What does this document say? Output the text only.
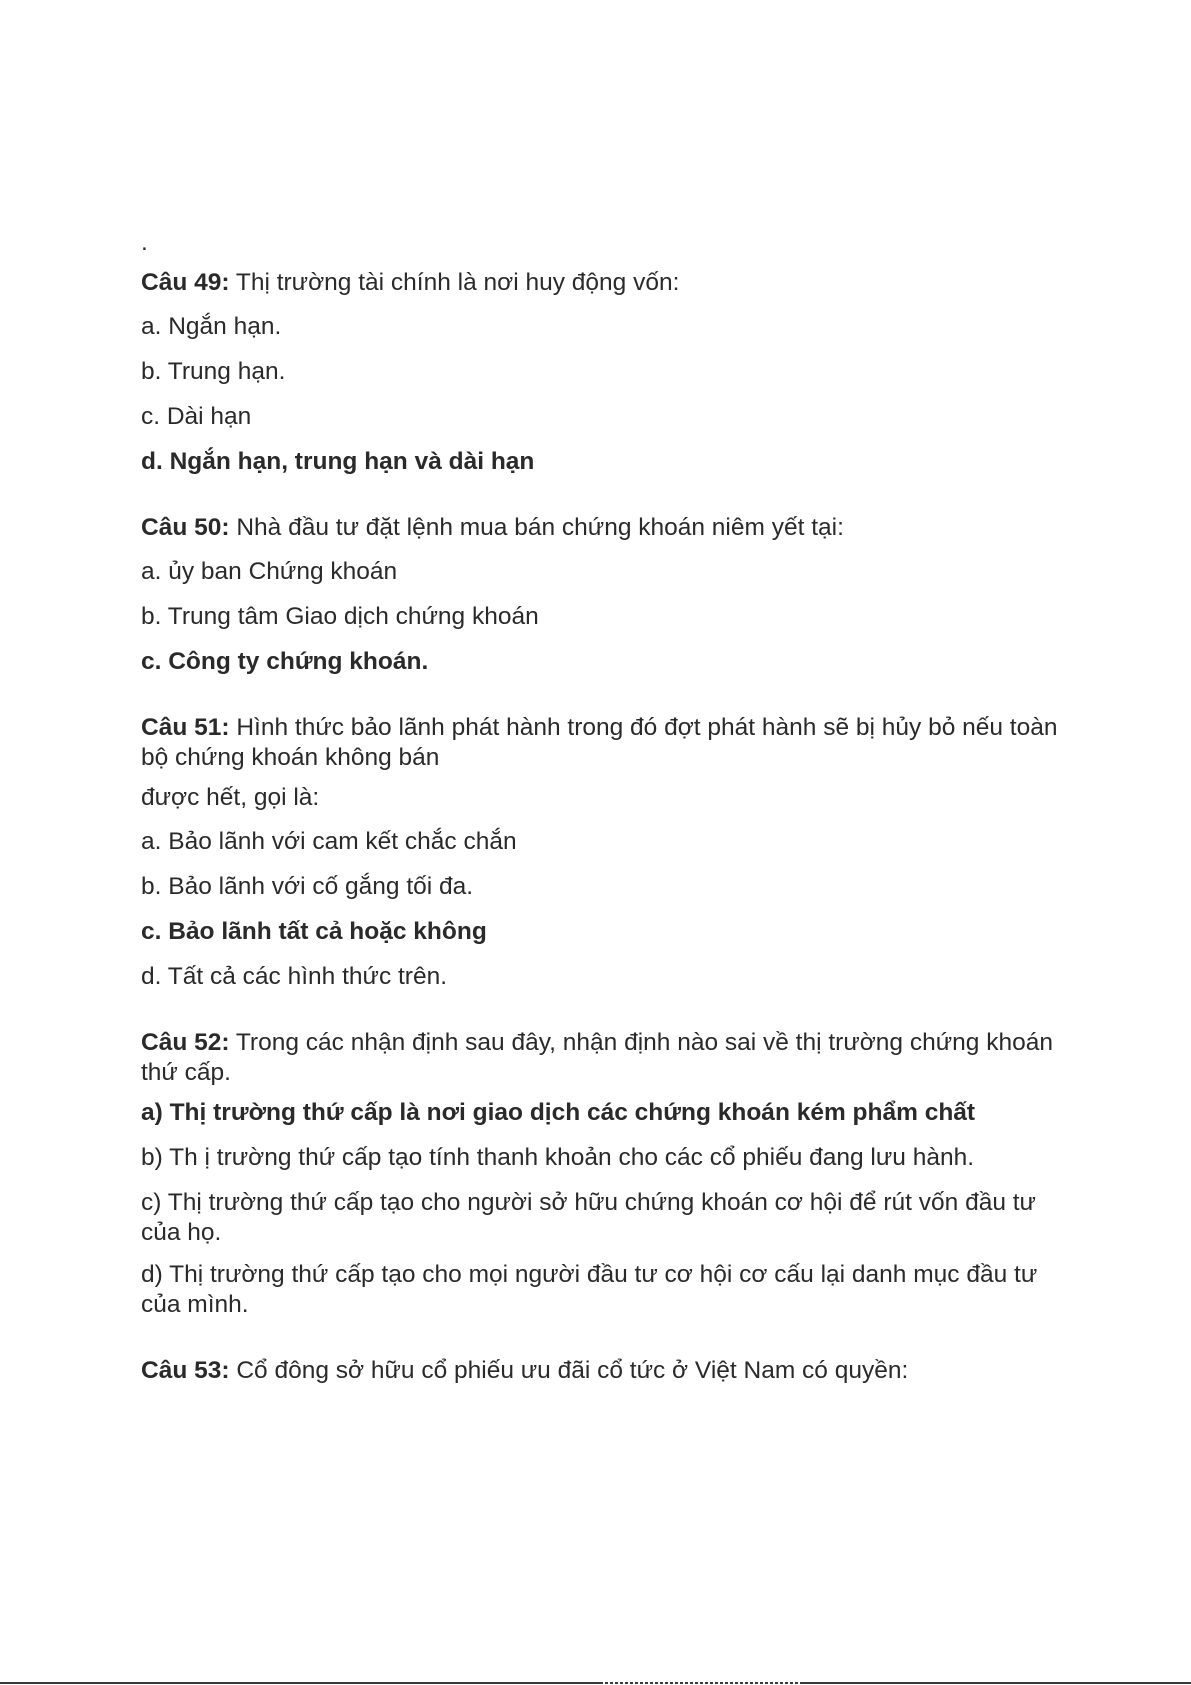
.
Câu 49: Thị trường tài chính là nơi huy động vốn:
a. Ngắn hạn.
b. Trung hạn.
c. Dài hạn
d. Ngắn hạn, trung hạn và dài hạn
Câu 50: Nhà đầu tư đặt lệnh mua bán chứng khoán niêm yết tại:
a. ủy ban Chứng khoán
b. Trung tâm Giao dịch chứng khoán
c. Công ty chứng khoán.
Câu 51: Hình thức bảo lãnh phát hành trong đó đợt phát hành sẽ bị hủy bỏ nếu toàn bộ chứng khoán không bán
được hết, gọi là:
a. Bảo lãnh với cam kết chắc chắn
b. Bảo lãnh với cố gắng tối đa.
c. Bảo lãnh tất cả hoặc không
d. Tất cả các hình thức trên.
Câu 52: Trong các nhận định sau đây, nhận định nào sai về thị trường chứng khoán thứ cấp.
a) Thị trường thứ cấp là nơi giao dịch các chứng khoán kém phẩm chất
b) Th ị trường thứ cấp tạo tính thanh khoản cho các cổ phiếu đang lưu hành.
c) Thị trường thứ cấp tạo cho người sở hữu chứng khoán cơ hội để rút vốn đầu tư của họ.
d) Thị trường thứ cấp tạo cho mọi người đầu tư cơ hội cơ cấu lại danh mục đầu tư của mình.
Câu 53: Cổ đông sở hữu cổ phiếu ưu đãi cổ tức ở Việt Nam có quyền:
